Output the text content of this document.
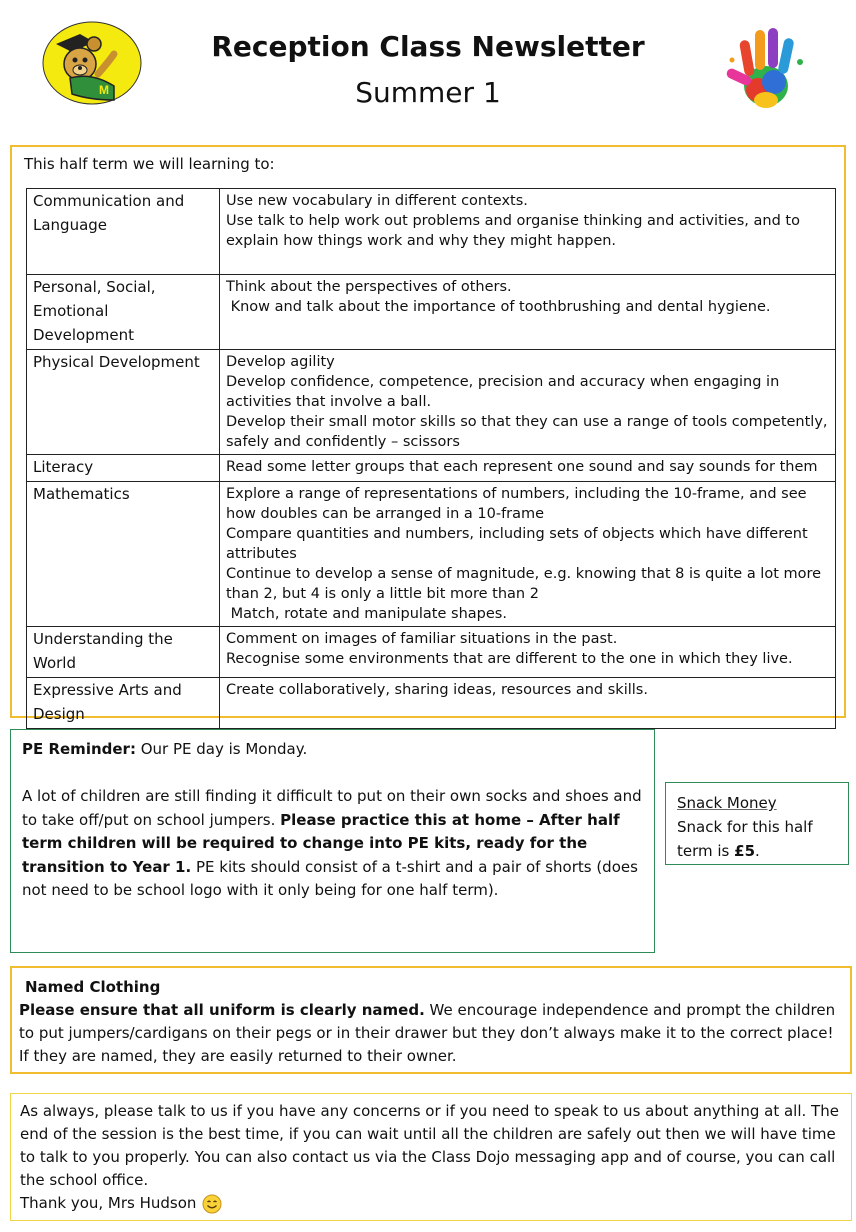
M
Reception Class Newsletter
Summer 1
This half term we will learning to:
Communication and Language	Use new vocabulary in different contexts.
Use talk to help work out problems and organise thinking and activities, and to explain how things work and why they might happen.

Personal, Social, Emotional Development	Think about the perspectives of others.
Know and talk about the importance of toothbrushing and dental hygiene.

Physical Development	Develop agility
Develop confidence, competence, precision and accuracy when engaging in activities that involve a ball.
Develop their small motor skills so that they can use a range of tools competently, safely and confidently – scissors

Literacy	Read some letter groups that each represent one sound and say sounds for them

Mathematics	Explore a range of representations of numbers, including the 10-frame, and see how doubles can be arranged in a 10-frame
Compare quantities and numbers, including sets of objects which have different attributes
Continue to develop a sense of magnitude, e.g. knowing that 8 is quite a lot more than 2, but 4 is only a little bit more than 2
Match, rotate and manipulate shapes.

Understanding the World	Comment on images of familiar situations in the past.
Recognise some environments that are different to the one in which they live.

Expressive Arts and Design	Create collaboratively, sharing ideas, resources and skills.
PE Reminder: Our PE day is Monday.
A lot of children are still finding it difficult to put on their own socks and shoes and to take off/put on school jumpers. Please practice this at home – After half term children will be required to change into PE kits, ready for the transition to Year 1. PE kits should consist of a t-shirt and a pair of shorts (does not need to be school logo with it only being for one half term).
Snack Money
Snack for this half term is £5.
Named Clothing
Please ensure that all uniform is clearly named. We encourage independence and prompt the children to put jumpers/cardigans on their pegs or in their drawer but they don’t always make it to the correct place! If they are named, they are easily returned to their owner.
As always, please talk to us if you have any concerns or if you need to speak to us about anything at all. The end of the session is the best time, if you can wait until all the children are safely out then we will have time to talk to you properly. You can also contact us via the Class Dojo messaging app and of course, you can call the school office.
Thank you, Mrs Hudson
